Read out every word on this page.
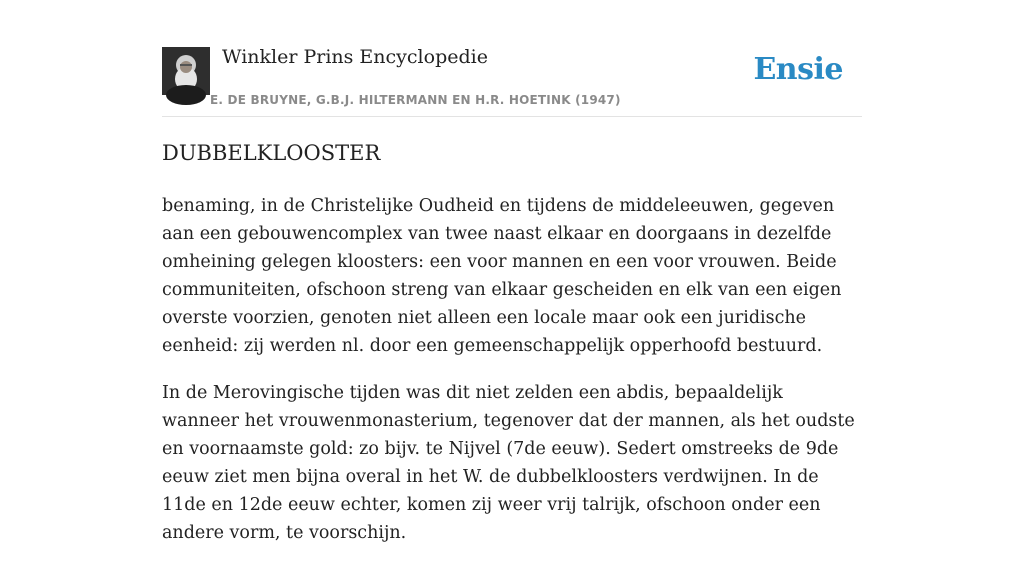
Winkler Prins Encyclopedie
E. DE BRUYNE, G.B.J. HILTERMANN EN H.R. HOETINK (1947)
Ensie
DUBBELKLOOSTER

benaming, in de Christelijke Oudheid en tijdens de middeleeuwen, gegeven aan een gebouwencomplex van twee naast elkaar en doorgaans in dezelfde omheining gelegen kloosters: een voor mannen en een voor vrouwen. Beide communiteiten, ofschoon streng van elkaar gescheiden en elk van een eigen overste voorzien, genoten niet alleen een locale maar ook een juridische eenheid: zij werden nl. door een gemeenschappelijk opperhoofd bestuurd.

In de Merovingische tijden was dit niet zelden een abdis, bepaaldelijk wanneer het vrouwenmonasterium, tegenover dat der mannen, als het oudste en voornaamste gold: zo bijv. te Nijvel (7de eeuw). Sedert omstreeks de 9de eeuw ziet men bijna overal in het W. de dubbelkloosters verdwijnen. In de 11de en 12de eeuw echter, komen zij weer vrij talrijk, ofschoon onder een andere vorm, te voorschijn.
